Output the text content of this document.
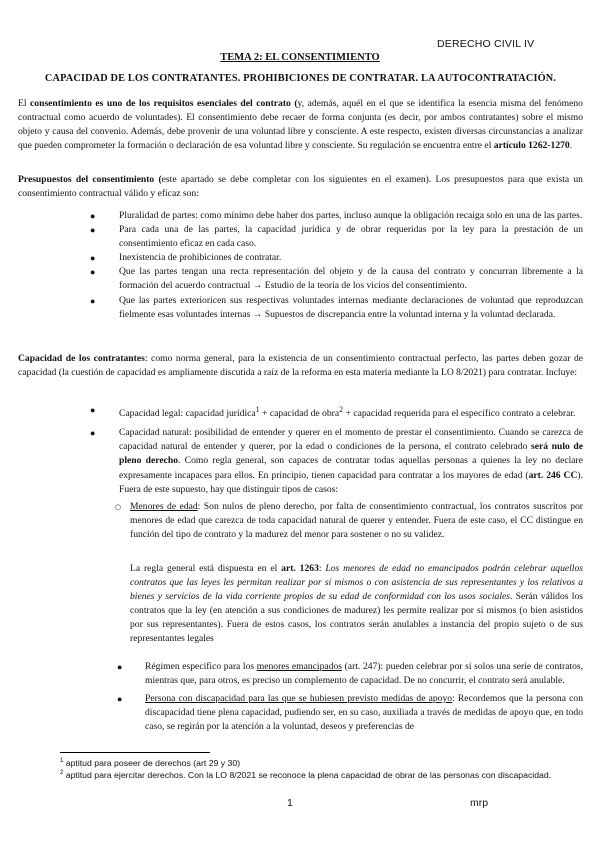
DERECHO CIVIL IV
TEMA 2: EL CONSENTIMIENTO
CAPACIDAD DE LOS CONTRATANTES. PROHIBICIONES DE CONTRATAR. LA AUTOCONTRATACIÓN.
El consentimiento es uno de los requisitos esenciales del contrato (y, además, aquél en el que se identifica la esencia misma del fenómeno contractual como acuerdo de voluntades). El consentimiento debe recaer de forma conjunta (es decir, por ambos contratantes) sobre el mismo objeto y causa del convenio. Además, debe provenir de una voluntad libre y consciente. A este respecto, existen diversas circunstancias a analizar que pueden comprometer la formación o declaración de esa voluntad libre y consciente. Su regulación se encuentra entre el artículo 1262-1270.
Presupuestos del consentimiento (este apartado se debe completar con los siguientes en el examen). Los presupuestos para que exista un consentimiento contractual válido y eficaz son:
● Pluralidad de partes: como mínimo debe haber dos partes, incluso aunque la obligación recaiga solo en una de las partes.
● Para cada una de las partes, la capacidad jurídica y de obrar requeridas por la ley para la prestación de un consentimiento eficaz en cada caso.
● Inexistencia de prohibiciones de contratar.
● Que las partes tengan una recta representación del objeto y de la causa del contrato y concurran libremente a la formación del acuerdo contractual → Estudio de la teoría de los vicios del consentimiento.
● Que las partes exterioricen sus respectivas voluntades internas mediante declaraciones de voluntad que reproduzcan fielmente esas voluntades internas → Supuestos de discrepancia entre la voluntad interna y la voluntad declarada.
Capacidad de los contratantes: como norma general, para la existencia de un consentimiento contractual perfecto, las partes deben gozar de capacidad (la cuestión de capacidad es ampliamente discutida a raíz de la reforma en esta materia mediante la LO 8/2021) para contratar. Incluye:
● Capacidad legal: capacidad jurídica$^1$ + capacidad de obra$^2$ + capacidad requerida para el específico contrato a celebrar.
● Capacidad natural: posibilidad de entender y querer en el momento de prestar el consentimiento. Cuando se carezca de capacidad natural de entender y querer, por la edad o condiciones de la persona, el contrato celebrado será nulo de pleno derecho. Como regla general, son capaces de contratar todas aquellas personas a quienes la ley no declare expresamente incapaces para ellos. En principio, tienen capacidad para contratar a los mayores de edad (art. 246 CC). Fuera de este supuesto, hay que distinguir tipos de casos:
○ Menores de edad: Son nulos de pleno derecho, por falta de consentimiento contractual, los contratos suscritos por menores de edad que carezca de toda capacidad natural de querer y entender. Fuera de este caso, el CC distingue en función del tipo de contrato y la madurez del menor para sostener o no su validez.
La regla general está dispuesta en el art. 1263: Los menores de edad no emancipados podrán celebrar aquellos contratos que las leyes les permitan realizar por sí mismos o con asistencia de sus representantes y los relativos a bienes y servicios de la vida corriente propios de su edad de conformidad con los usos sociales. Serán válidos los contratos que la ley (en atención a sus condiciones de madurez) les permite realizar por sí mismos (o bien asistidos por sus representantes). Fuera de estos casos, los contratos serán anulables a instancia del propio sujeto o de sus representantes legales
●	Régimen específico para los menores emancipados (art. 247): pueden celebrar por sí solos una serie de contratos, mientras que, para otros, es preciso un complemento de capacidad. De no concurrir, el contrato será anulable.
●	Persona con discapacidad para las que se hubiesen previsto medidas de apoyo: Recordemos que la persona con discapacidad tiene plena capacidad, pudiendo ser, en su caso, auxiliada a través de medidas de apoyo que, en todo caso, se regirán por la atención a la voluntad, deseos y preferencias de
$^1$ aptitud para poseer de derechos (art 29 y 30)
$^2$ aptitud para ejercitar derechos. Con la LO 8/2021 se reconoce la plena capacidad de obrar de las personas con discapacidad.
1	mrp
